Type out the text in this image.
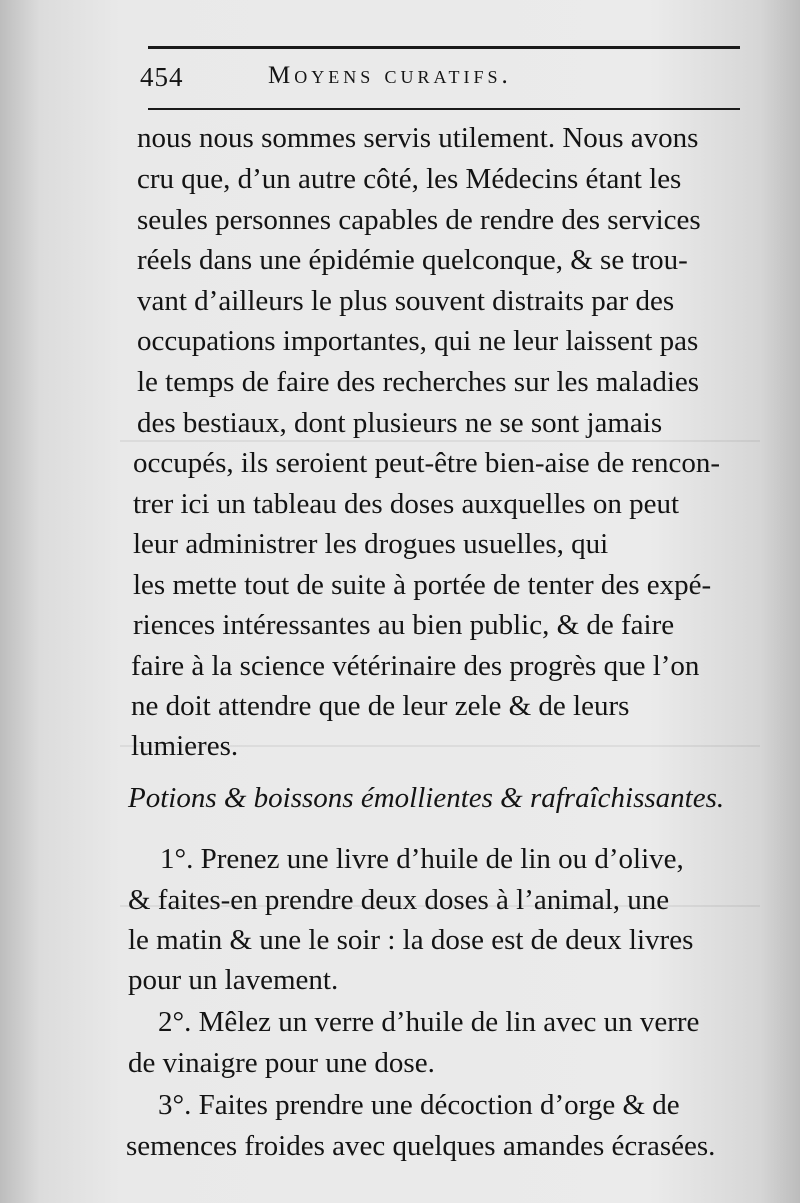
454	Moyens curatifs.
nous nous sommes servis utilement. Nous avons
cru que, d’un autre côté, les Médecins étant les
seules personnes capables de rendre des services
réels dans une épidémie quelconque, & se trou-
vant d’ailleurs le plus souvent distraits par des
occupations importantes, qui ne leur laissent pas
le temps de faire des recherches sur les maladies
des bestiaux, dont plusieurs ne se sont jamais
occupés, ils seroient peut-être bien-aise de rencon-
trer ici un tableau des doses auxquelles on peut
leur administrer les drogues usuelles, qui
les mette tout de suite à portée de tenter des expé-
riences intéressantes au bien public, & de faire
faire à la science vétérinaire des progrès que l’on
ne doit attendre que de leur zele & de leurs
lumieres.
Potions & boissons émollientes & rafraîchissantes.
1°. Prenez une livre d’huile de lin ou d’olive,
& faites-en prendre deux doses à l’animal, une
le matin & une le soir : la dose est de deux livres
pour un lavement.
2°. Mêlez un verre d’huile de lin avec un verre
de vinaigre pour une dose.
3°. Faites prendre une décoction d’orge & de
semences froides avec quelques amandes écrasées.
